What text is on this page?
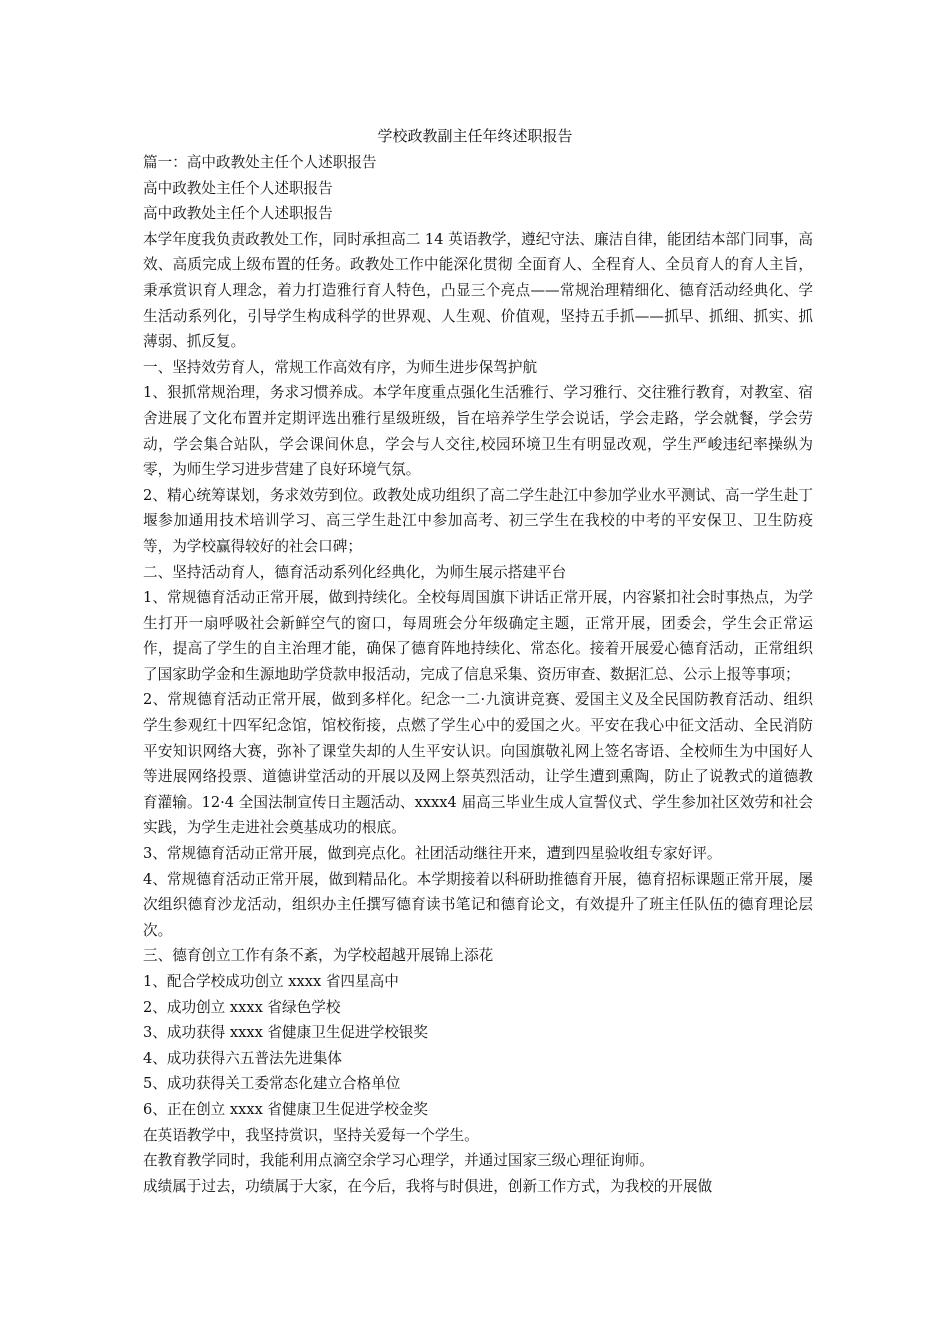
学校政教副主任年终述职报告

篇一：高中政教处主任个人述职报告

高中政教处主任个人述职报告

高中政教处主任个人述职报告

本学年度我负责政教处工作，同时承担高二 14 英语教学，遵纪守法、廉洁自律，能团结本部门同事，高效、高质完成上级布置的任务。政教处工作中能深化贯彻 全面育人、全程育人、全员育人的育人主旨，秉承赏识育人理念，着力打造雅行育人特色，凸显三个亮点——常规治理精细化、德育活动经典化、学生活动系列化，引导学生构成科学的世界观、人生观、价值观，坚持五手抓——抓早、抓细、抓实、抓薄弱、抓反复。

一、坚持效劳育人，常规工作高效有序，为师生进步保驾护航

1、狠抓常规治理，务求习惯养成。本学年度重点强化生活雅行、学习雅行、交往雅行教育，对教室、宿舍进展了文化布置并定期评选出雅行星级班级，旨在培养学生学会说话，学会走路，学会就餐，学会劳动，学会集合站队，学会课间休息，学会与人交往,校园环境卫生有明显改观，学生严峻违纪率操纵为零，为师生学习进步营建了良好环境气氛。

2、精心统筹谋划，务求效劳到位。政教处成功组织了高二学生赴江中参加学业水平测试、高一学生赴丁堰参加通用技术培训学习、高三学生赴江中参加高考、初三学生在我校的中考的平安保卫、卫生防疫等，为学校赢得较好的社会口碑；

二、坚持活动育人，德育活动系列化经典化，为师生展示搭建平台

1、常规德育活动正常开展，做到持续化。全校每周国旗下讲话正常开展，内容紧扣社会时事热点，为学生打开一扇呼吸社会新鲜空气的窗口，每周班会分年级确定主题，正常开展，团委会，学生会正常运作，提高了学生的自主治理才能，确保了德育阵地持续化、常态化。接着开展爱心德育活动，正常组织了国家助学金和生源地助学贷款申报活动，完成了信息采集、资历审查、数据汇总、公示上报等事项；

2、常规德育活动正常开展，做到多样化。纪念一二·九演讲竞赛、爱国主义及全民国防教育活动、组织学生参观红十四军纪念馆，馆校衔接，点燃了学生心中的爱国之火。平安在我心中征文活动、全民消防平安知识网络大赛，弥补了课堂失却的人生平安认识。向国旗敬礼网上签名寄语、全校师生为中国好人等进展网络投票、道德讲堂活动的开展以及网上祭英烈活动，让学生遭到熏陶，防止了说教式的道德教育灌输。12·4 全国法制宣传日主题活动、xxxx4 届高三毕业生成人宣誓仪式、学生参加社区效劳和社会实践，为学生走进社会奠基成功的根底。

3、常规德育活动正常开展，做到亮点化。社团活动继往开来，遭到四星验收组专家好评。

4、常规德育活动正常开展，做到精品化。本学期接着以科研助推德育开展，德育招标课题正常开展，屡次组织德育沙龙活动，组织办主任撰写德育读书笔记和德育论文，有效提升了班主任队伍的德育理论层次。

三、德育创立工作有条不紊，为学校超越开展锦上添花

1、配合学校成功创立 xxxx 省四星高中

2、成功创立 xxxx 省绿色学校

3、成功获得 xxxx 省健康卫生促进学校银奖

4、成功获得六五普法先进集体

5、成功获得关工委常态化建立合格单位

6、正在创立 xxxx 省健康卫生促进学校金奖

在英语教学中，我坚持赏识，坚持关爱每一个学生。

在教育教学同时，我能利用点滴空余学习心理学，并通过国家三级心理征询师。

成绩属于过去，功绩属于大家，在今后，我将与时俱进，创新工作方式，为我校的开展做
